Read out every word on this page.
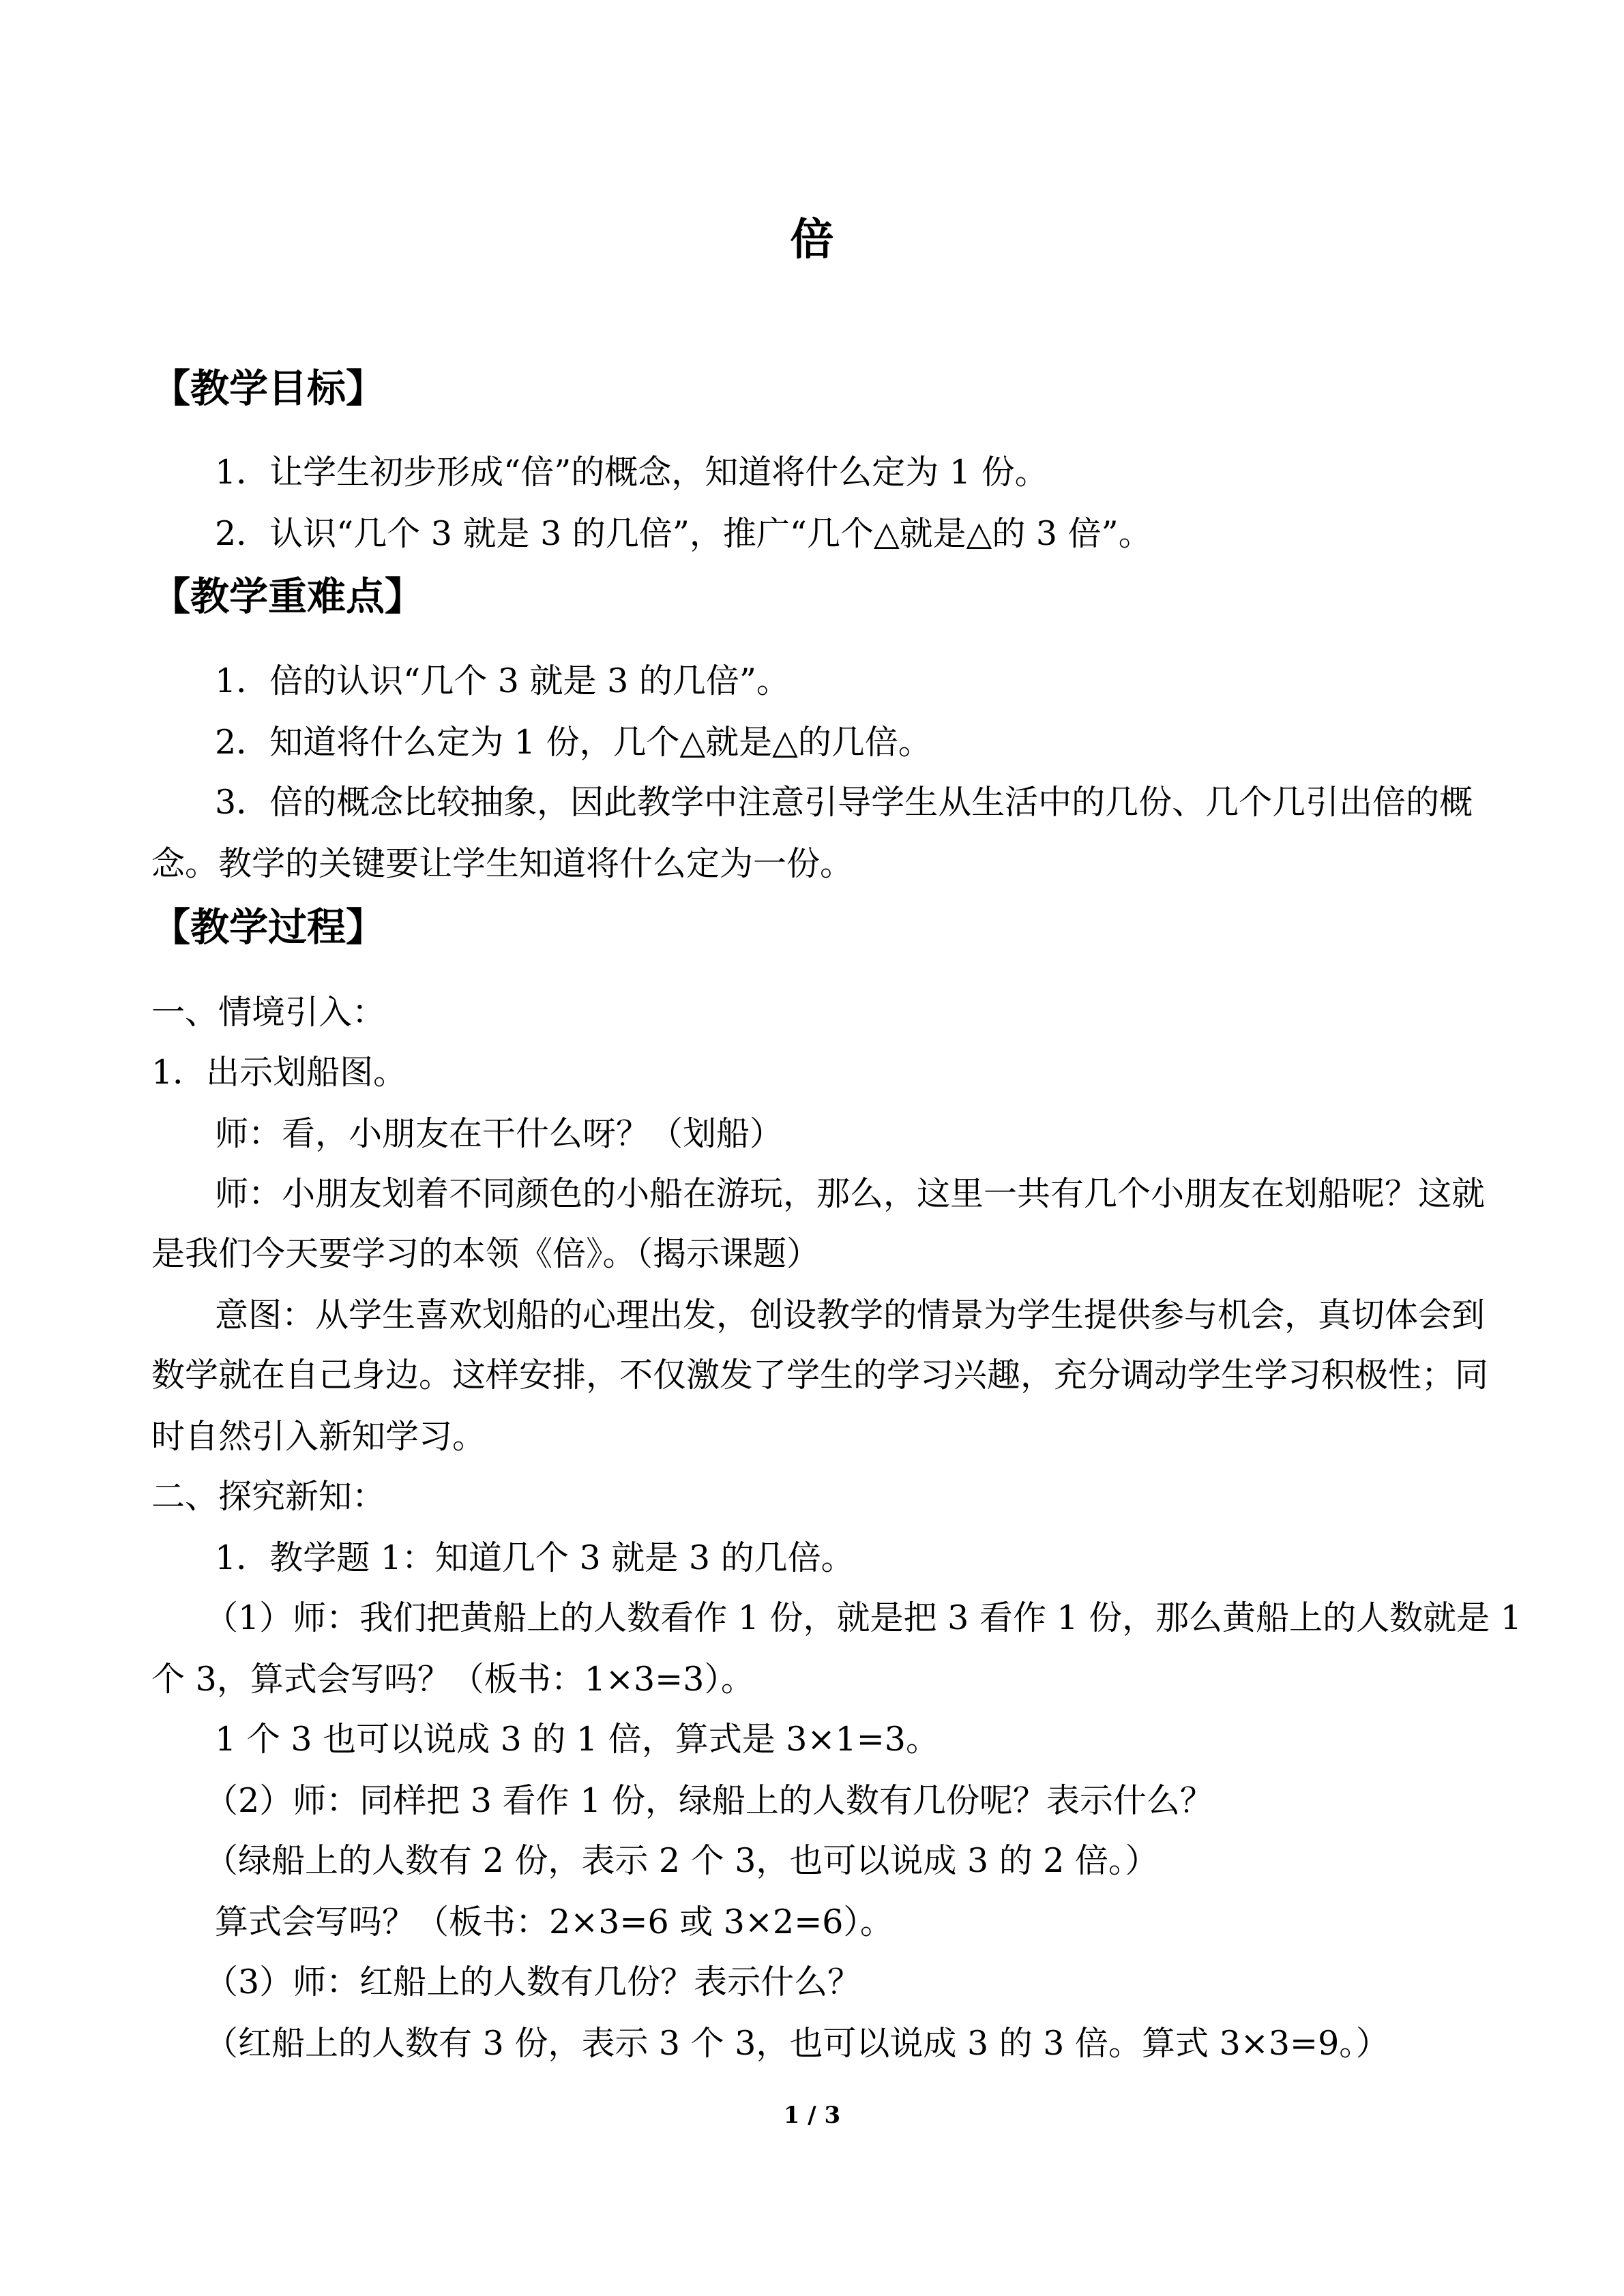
倍
【教学目标】
1．让学生初步形成“倍”的概念，知道将什么定为 1 份。
2．认识“几个 3 就是 3 的几倍”，推广“几个△就是△的 3 倍”。
【教学重难点】
1．倍的认识“几个 3 就是 3 的几倍”。
2．知道将什么定为 1 份，几个△就是△的几倍。
3．倍的概念比较抽象，因此教学中注意引导学生从生活中的几份、几个几引出倍的概
念。教学的关键要让学生知道将什么定为一份。
【教学过程】
一、情境引入：
1．出示划船图。
师：看，小朋友在干什么呀？（划船）
师：小朋友划着不同颜色的小船在游玩，那么，这里一共有几个小朋友在划船呢？这就
是我们今天要学习的本领《倍》。（揭示课题）
意图：从学生喜欢划船的心理出发，创设教学的情景为学生提供参与机会，真切体会到
数学就在自己身边。这样安排，不仅激发了学生的学习兴趣，充分调动学生学习积极性；同
时自然引入新知学习。
二、探究新知：
1．教学题 1：知道几个 3 就是 3 的几倍。
（1）师：我们把黄船上的人数看作 1 份，就是把 3 看作 1 份，那么黄船上的人数就是 1
个 3，算式会写吗？（板书：1×3=3）。
1 个 3 也可以说成 3 的 1 倍，算式是 3×1=3。
（2）师：同样把 3 看作 1 份，绿船上的人数有几份呢？表示什么？
（绿船上的人数有 2 份，表示 2 个 3，也可以说成 3 的 2 倍。）
算式会写吗？（板书：2×3=6 或 3×2=6）。
（3）师：红船上的人数有几份？表示什么？
（红船上的人数有 3 份，表示 3 个 3，也可以说成 3 的 3 倍。算式 3×3=9。）
1 / 3
